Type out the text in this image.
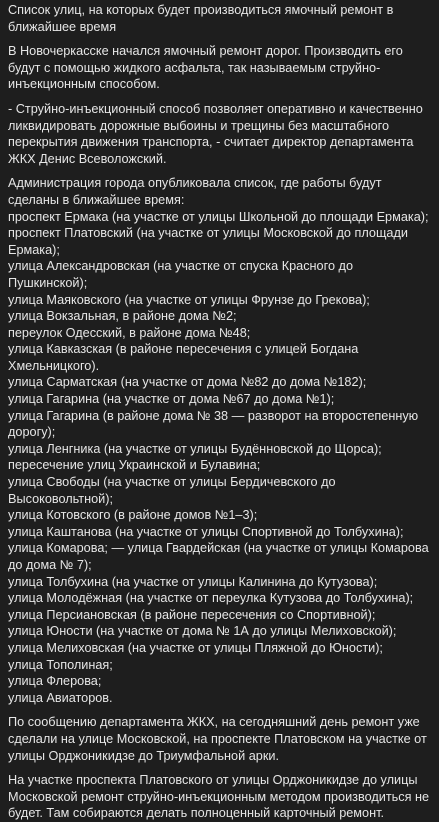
Список улиц, на которых будет производиться ямочный ремонт в ближайшее время
В Новочеркасске начался ямочный ремонт дорог. Производить его будут с помощью жидкого асфальта, так называемым струйно-инъекционным способом.
- Струйно-инъекционный способ позволяет оперативно и качественно ликвидировать дорожные выбоины и трещины без масштабного перекрытия движения транспорта, - считает директор департамента ЖКХ Денис Всеволожский.
Администрация города опубликовала список, где работы будут сделаны в ближайшее время:
проспект Ермака (на участке от улицы Школьной до площади Ермака);
проспект Платовский (на участке от улицы Московской до площади Ермака);
улица Александровская (на участке от спуска Красного до Пушкинской);
улица Маяковского (на участке от улицы Фрунзе до Грекова);
улица Вокзальная, в районе дома №2;
переулок Одесский, в районе дома №48;
улица Кавказская (в районе пересечения с улицей Богдана Хмельницкого).
улица Сарматская (на участке от дома №82 до дома №182);
улица Гагарина (на участке от дома №67 до дома №1);
улица Гагарина (в районе дома № 38 — разворот на второстепенную дорогу);
улица Ленгника (на участке от улицы Будённовской до Щорса);
пересечение улиц Украинской и Булавина;
улица Свободы (на участке от улицы Бердичевского до Высоковольтной);
улица Котовского (в районе домов №1–3);
улица Каштанова (на участке от улицы Спортивной до Толбухина);
улица Комарова; — улица Гвардейская (на участке от улицы Комарова до дома № 7);
улица Толбухина (на участке от улицы Калинина до Кутузова);
улица Молодёжная (на участке от переулка Кутузова до Толбухина);
улица Персиановская (в районе пересечения со Спортивной);
улица Юности (на участке от дома № 1А до улицы Мелиховской);
улица Мелиховская (на участке от улицы Пляжной до Юности);
улица Тополиная;
улица Флерова;
улица Авиаторов.
По сообщению департамента ЖКХ, на сегодняшний день ремонт уже сделали на улице Московской, на проспекте Платовском на участке от улицы Орджоникидзе до Триумфальной арки.
На участке проспекта Платовского от улицы Орджоникидзе до улицы Московской ремонт струйно-инъекционным методом производиться не будет. Там собираются делать полноценный карточный ремонт.
